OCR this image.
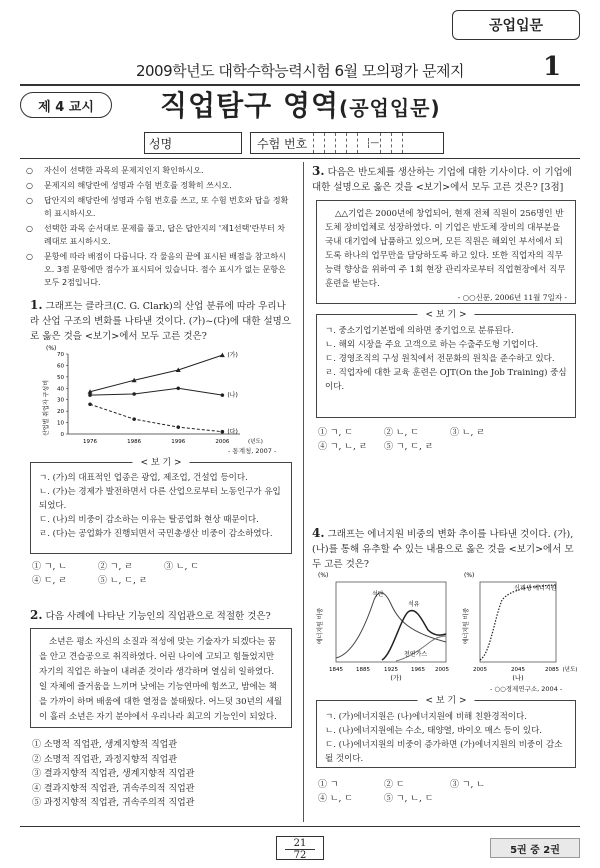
공업입문
2009학년도 대학수학능력시험 6월 모의평가 문제지	1
제 4 교시	직업탐구 영역(공업입문)
성명	수험 번호	—
○ 자신이 선택한 과목의 문제지인지 확인하시오.
○ 문제지의 해당란에 성명과 수험 번호를 정확히 쓰시오.
○ 답안지의 해당란에 성명과 수험 번호를 쓰고, 또 수험 번호와 답을 정확히 표시하시오.
○ 선택한 과목 순서대로 문제를 풀고, 답은 답안지의 '제1선택'란부터 차례대로 표시하시오.
○ 문항에 따라 배점이 다릅니다. 각 물음의 끝에 표시된 배점을 참고하시오. 3점 문항에만 점수가 표시되어 있습니다. 점수 표시가 없는 문항은 모두 2점입니다.
1. 그래프는 클라크(C. G. Clark)의 산업 분류에 따라 우리나라 산업 구조의 변화를 나타낸 것이다. (가)~(다)에 대한 설명으로 옳은 것을 <보기>에서 모두 고른 것은?
(%)
산업별 취업자 구성비 0
10
20
30
40
50
60
70
1976	1986	1996	2006	(년도)
(가)
(나)
(다)
- 통계청, 2007 -
< 보 기 >
ㄱ. (가)의 대표적인 업종은 광업, 제조업, 건설업 등이다.
ㄴ. (가)는 경제가 발전하면서 다른 산업으로부터 노동인구가 유입되었다.
ㄷ. (나)의 비중이 감소하는 이유는 탈공업화 현상 때문이다.
ㄹ. (다)는 공업화가 진행되면서 국민총생산 비중이 감소하였다.
① ㄱ, ㄴ	② ㄱ, ㄹ	③ ㄴ, ㄷ
④ ㄷ, ㄹ	⑤ ㄴ, ㄷ, ㄹ
2. 다음 사례에 나타난 기능인의 직업관으로 적절한 것은?
소년은 평소 자신의 소질과 적성에 맞는 기술자가 되겠다는 꿈을 안고 견습공으로 취직하였다. 어린 나이에 고되고 힘들었지만 자기의 직업은 하늘이 내려준 것이라 생각하며 열심히 일하였다. 일 자체에 즐거움을 느끼며 낮에는 기능연마에 힘쓰고, 밤에는 책을 가까이 하며 배움에 대한 열정을 불태웠다. 어느덧 30년의 세월이 흘러 소년은 자기 분야에서 우리나라 최고의 기능인이 되었다.
① 소명적 직업관, 생계지향적 직업관
② 소명적 직업관, 과정지향적 직업관
③ 결과지향적 직업관, 생계지향적 직업관
④ 결과지향적 직업관, 귀속주의적 직업관
⑤ 과정지향적 직업관, 귀속주의적 직업관
3. 다음은 반도체를 생산하는 기업에 대한 기사이다. 이 기업에 대한 설명으로 옳은 것을 <보기>에서 모두 고른 것은? [3점]
△△기업은 2000년에 창업되어, 현재 전체 직원이 256명인 반도체 장비업체로 성장하였다. 이 기업은 반도체 장비의 대부분을 국내 대기업에 납품하고 있으며, 모든 직원은 해외인 부서에서 되도록 하나의 업무만을 담당하도록 하고 있다. 또한 직업자의 직무능력 향상을 위하여 주 1회 현장 관리자로부터 직업현장에서 직무훈련을 받는다.
- ○○신문, 2006년 11월 7일자 -
< 보 기 >
ㄱ. 중소기업기본법에 의하면 중기업으로 분류된다.
ㄴ. 해외 시장을 주요 고객으로 하는 수출주도형 기업이다.
ㄷ. 경영조직의 구성 원칙에서 전문화의 원칙을 준수하고 있다.
ㄹ. 직업자에 대한 교육 훈련은 OJT(On the Job Training) 중심이다.
① ㄱ, ㄷ	② ㄴ, ㄷ	③ ㄴ, ㄹ
④ ㄱ, ㄴ, ㄹ	⑤ ㄱ, ㄷ, ㄹ
4. 그래프는 에너지원 비중의 변화 추이를 나타낸 것이다. (가), (나)를 통해 유추할 수 있는 내용으로 옳은 것을 <보기>에서 모두 고른 것은?
(%)
에너지원 비중
석탄
석유
천연가스
1845 1885	1925 1965 2005
(가)
(%)
에너지원 비중
신재생 에너지원
2005	2045	2085 (년도)
(나)
- ○○경제연구소, 2004 -
< 보 기 >
ㄱ. (가)에너지원은 (나)에너지원에 비해 친환경적이다.
ㄴ. (나)에너지원에는 수소, 태양열, 바이오 매스 등이 있다.
ㄷ. (나)에너지원의 비중이 증가하면 (가)에너지원의 비중이 감소될 것이다.
① ㄱ	② ㄷ	③ ㄱ, ㄴ
④ ㄴ, ㄷ	⑤ ㄱ, ㄴ, ㄷ
21
72	5권 중 2권
